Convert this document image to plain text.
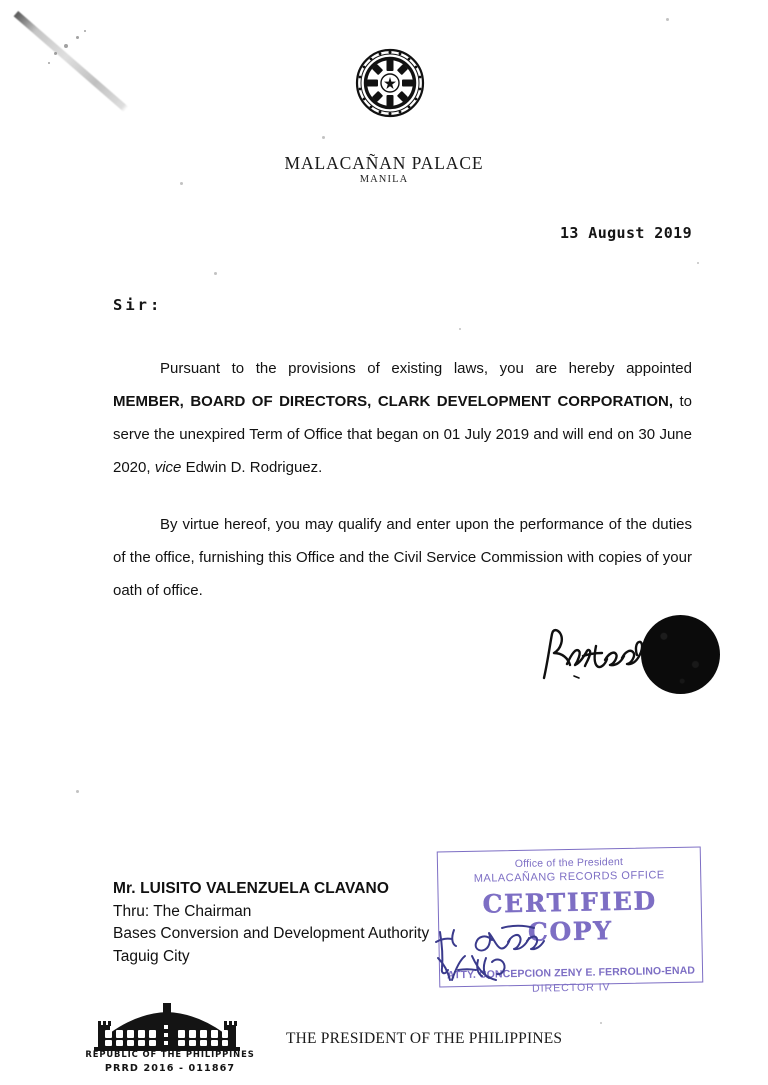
MALACAÑAN PALACE
MANILA
13 August 2019
Sir:

Pursuant to the provisions of existing laws, you are hereby appointed MEMBER, BOARD OF DIRECTORS, CLARK DEVELOPMENT CORPORATION, to serve the unexpired Term of Office that began on 01 July 2019 and will end on 30 June 2020, vice Edwin D. Rodriguez.

By virtue hereof, you may qualify and enter upon the performance of the duties of the office, furnishing this Office and the Civil Service Commission with copies of your oath of office.

Mr. LUISITO VALENZUELA CLAVANO
Thru: The Chairman
Bases Conversion and Development Authority
Taguig City
Office of the President
MALACAÑANG RECORDS OFFICE
CERTIFIED COPY
ATTY. CONCEPCION ZENY E. FERROLINO-ENAD
DIRECTOR IV
REPUBLIC OF THE PHILIPPINES
PRRD 2016 - 011867
THE PRESIDENT OF THE PHILIPPINES
